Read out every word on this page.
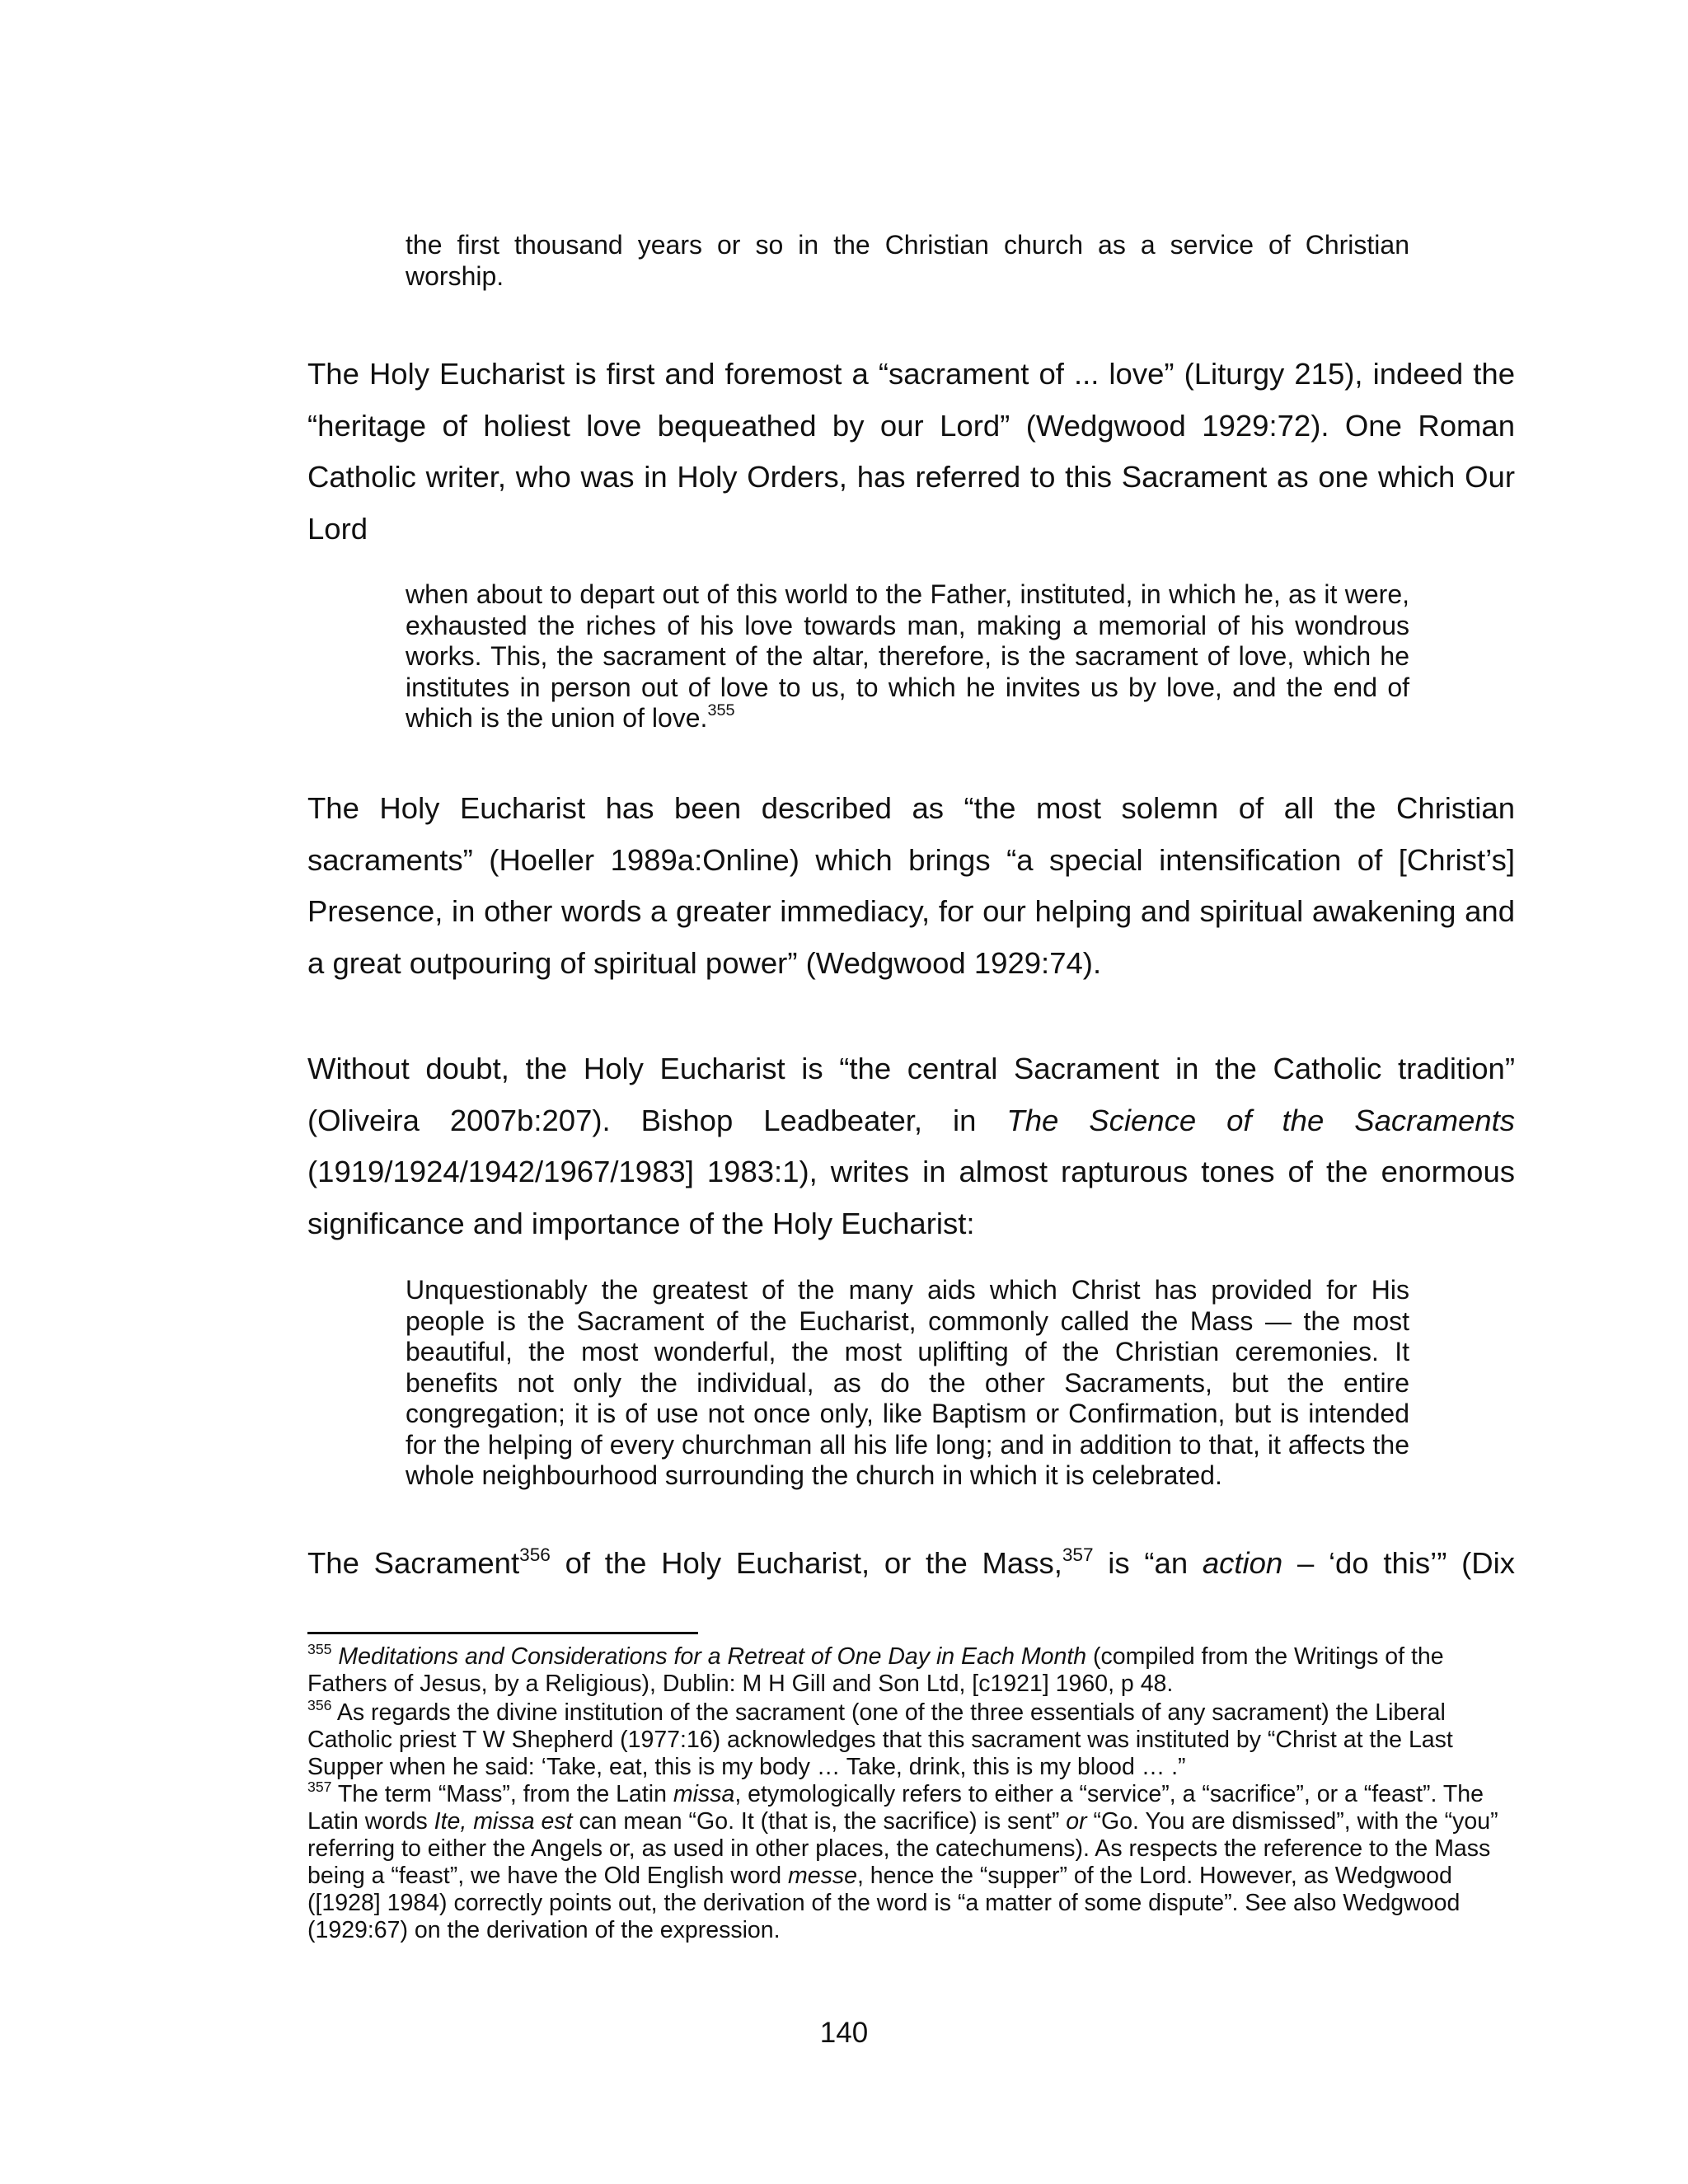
the first thousand years or so in the Christian church as a service of Christian worship.

The Holy Eucharist is first and foremost a “sacrament of ... love” (Liturgy 215), indeed the “heritage of holiest love bequeathed by our Lord” (Wedgwood 1929:72). One Roman Catholic writer, who was in Holy Orders, has referred to this Sacrament as one which Our Lord

when about to depart out of this world to the Father, instituted, in which he, as it were, exhausted the riches of his love towards man, making a memorial of his wondrous works. This, the sacrament of the altar, therefore, is the sacrament of love, which he institutes in person out of love to us, to which he invites us by love, and the end of which is the union of love.$^{355}$

The Holy Eucharist has been described as “the most solemn of all the Christian sacraments” (Hoeller 1989a:Online) which brings “a special intensification of [Christ’s] Presence, in other words a greater immediacy, for our helping and spiritual awakening and a great outpouring of spiritual power” (Wedgwood 1929:74).

Without doubt, the Holy Eucharist is “the central Sacrament in the Catholic tradition” (Oliveira 2007b:207). Bishop Leadbeater, in The Science of the Sacraments (1919/1924/1942/1967/1983] 1983:1), writes in almost rapturous tones of the enormous significance and importance of the Holy Eucharist:

Unquestionably the greatest of the many aids which Christ has provided for His people is the Sacrament of the Eucharist, commonly called the Mass — the most beautiful, the most wonderful, the most uplifting of the Christian ceremonies. It benefits not only the individual, as do the other Sacraments, but the entire congregation; it is of use not once only, like Baptism or Confirmation, but is intended for the helping of every churchman all his life long; and in addition to that, it affects the whole neighbourhood surrounding the church in which it is celebrated.

The Sacrament$^{356}$ of the Holy Eucharist, or the Mass,$^{357}$ is “an action – ‘do this’” (Dix

$^{355}$ Meditations and Considerations for a Retreat of One Day in Each Month (compiled from the Writings of the Fathers of Jesus, by a Religious), Dublin: M H Gill and Son Ltd, [c1921] 1960, p 48.

$^{356}$ As regards the divine institution of the sacrament (one of the three essentials of any sacrament) the Liberal Catholic priest T W Shepherd (1977:16) acknowledges that this sacrament was instituted by “Christ at the Last Supper when he said: ‘Take, eat, this is my body … Take, drink, this is my blood … .”

$^{357}$ The term “Mass”, from the Latin missa, etymologically refers to either a “service”, a “sacrifice”, or a “feast”. The Latin words Ite, missa est can mean “Go. It (that is, the sacrifice) is sent” or “Go. You are dismissed”, with the “you” referring to either the Angels or, as used in other places, the catechumens). As respects the reference to the Mass being a “feast”, we have the Old English word messe, hence the “supper” of the Lord. However, as Wedgwood ([1928] 1984) correctly points out, the derivation of the word is “a matter of some dispute”. See also Wedgwood (1929:67) on the derivation of the expression.

140
